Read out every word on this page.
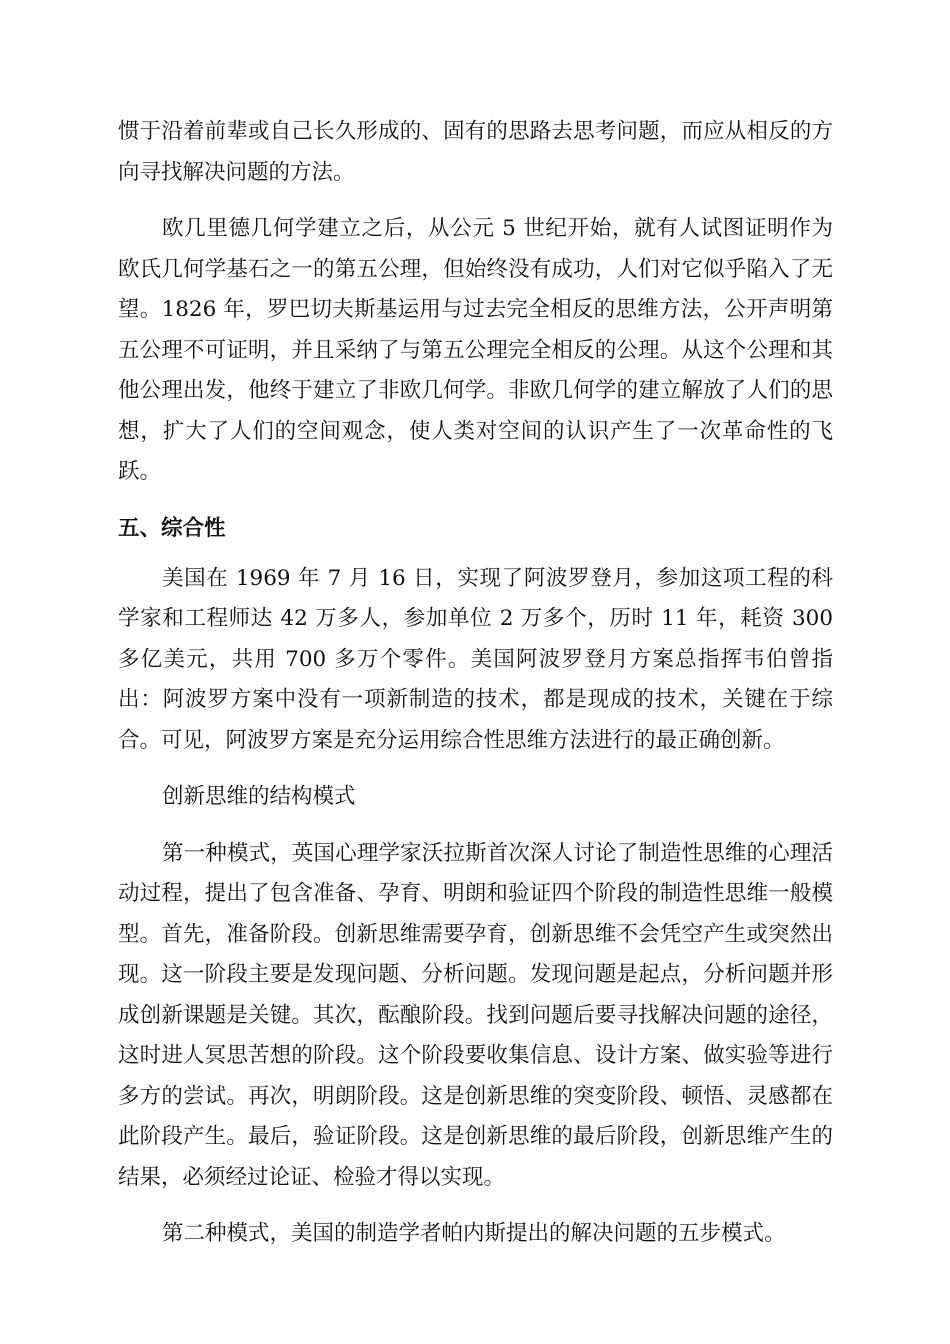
惯于沿着前辈或自己长久形成的、固有的思路去思考问题，而应从相反的方向寻找解决问题的方法。

欧几里德几何学建立之后，从公元 5 世纪开始，就有人试图证明作为欧氏几何学基石之一的第五公理，但始终没有成功，人们对它似乎陷入了无望。1826 年，罗巴切夫斯基运用与过去完全相反的思维方法，公开声明第五公理不可证明，并且采纳了与第五公理完全相反的公理。从这个公理和其他公理出发，他终于建立了非欧几何学。非欧几何学的建立解放了人们的思想，扩大了人们的空间观念，使人类对空间的认识产生了一次革命性的飞跃。

五、综合性

美国在 1969 年 7 月 16 日，实现了阿波罗登月，参加这项工程的科学家和工程师达 42 万多人，参加单位 2 万多个，历时 11 年，耗资 300 多亿美元，共用 700 多万个零件。美国阿波罗登月方案总指挥韦伯曾指出：阿波罗方案中没有一项新制造的技术，都是现成的技术，关键在于综合。可见，阿波罗方案是充分运用综合性思维方法进行的最正确创新。

创新思维的结构模式

第一种模式，英国心理学家沃拉斯首次深人讨论了制造性思维的心理活动过程，提出了包含准备、孕育、明朗和验证四个阶段的制造性思维一般模型。首先，准备阶段。创新思维需要孕育，创新思维不会凭空产生或突然出现。这一阶段主要是发现问题、分析问题。发现问题是起点，分析问题并形成创新课题是关键。其次，酝酿阶段。找到问题后要寻找解决问题的途径，这时进人冥思苦想的阶段。这个阶段要收集信息、设计方案、做实验等进行多方的尝试。再次，明朗阶段。这是创新思维的突变阶段、顿悟、灵感都在此阶段产生。最后，验证阶段。这是创新思维的最后阶段，创新思维产生的结果，必须经过论证、检验才得以实现。

第二种模式，美国的制造学者帕内斯提出的解决问题的五步模式。
